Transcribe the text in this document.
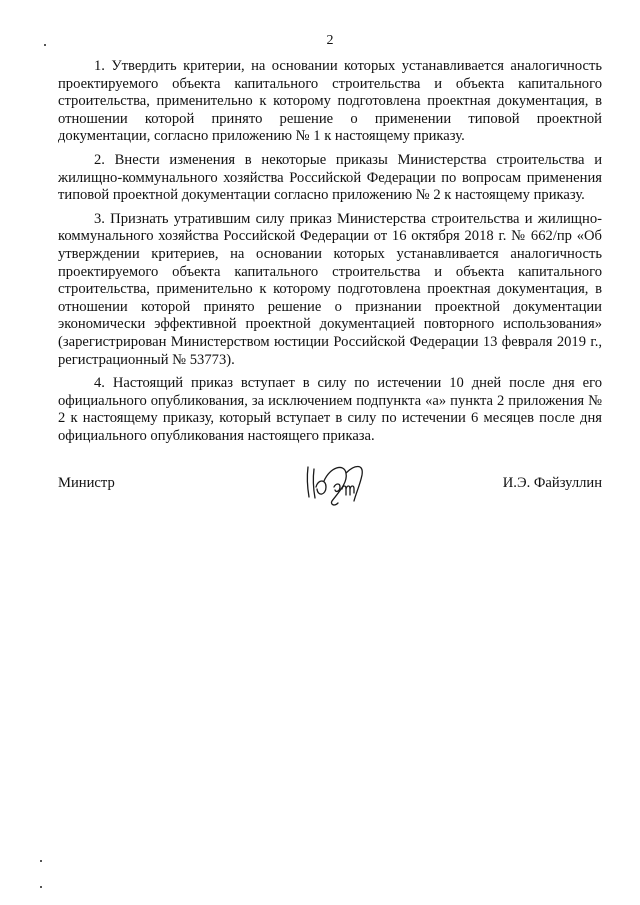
2

1. Утвердить критерии, на основании которых устанавливается аналогичность проектируемого объекта капитального строительства и объекта капитального строительства, применительно к которому подготовлена проектная документация, в отношении которой принято решение о применении типовой проектной документации, согласно приложению № 1 к настоящему приказу.

2. Внести изменения в некоторые приказы Министерства строительства и жилищно-коммунального хозяйства Российской Федерации по вопросам применения типовой проектной документации согласно приложению № 2 к настоящему приказу.

3. Признать утратившим силу приказ Министерства строительства и жилищно-коммунального хозяйства Российской Федерации от 16 октября 2018 г. № 662/пр «Об утверждении критериев, на основании которых устанавливается аналогичность проектируемого объекта капитального строительства и объекта капитального строительства, применительно к которому подготовлена проектная документация, в отношении которой принято решение о признании проектной документации экономически эффективной проектной документацией повторного использования» (зарегистрирован Министерством юстиции Российской Федерации 13 февраля 2019 г., регистрационный № 53773).

4. Настоящий приказ вступает в силу по истечении 10 дней после дня его официального опубликования, за исключением подпункта «а» пункта 2 приложения № 2 к настоящему приказу, который вступает в силу по истечении 6 месяцев после дня официального опубликования настоящего приказа.

Министр	И.Э. Файзуллин
